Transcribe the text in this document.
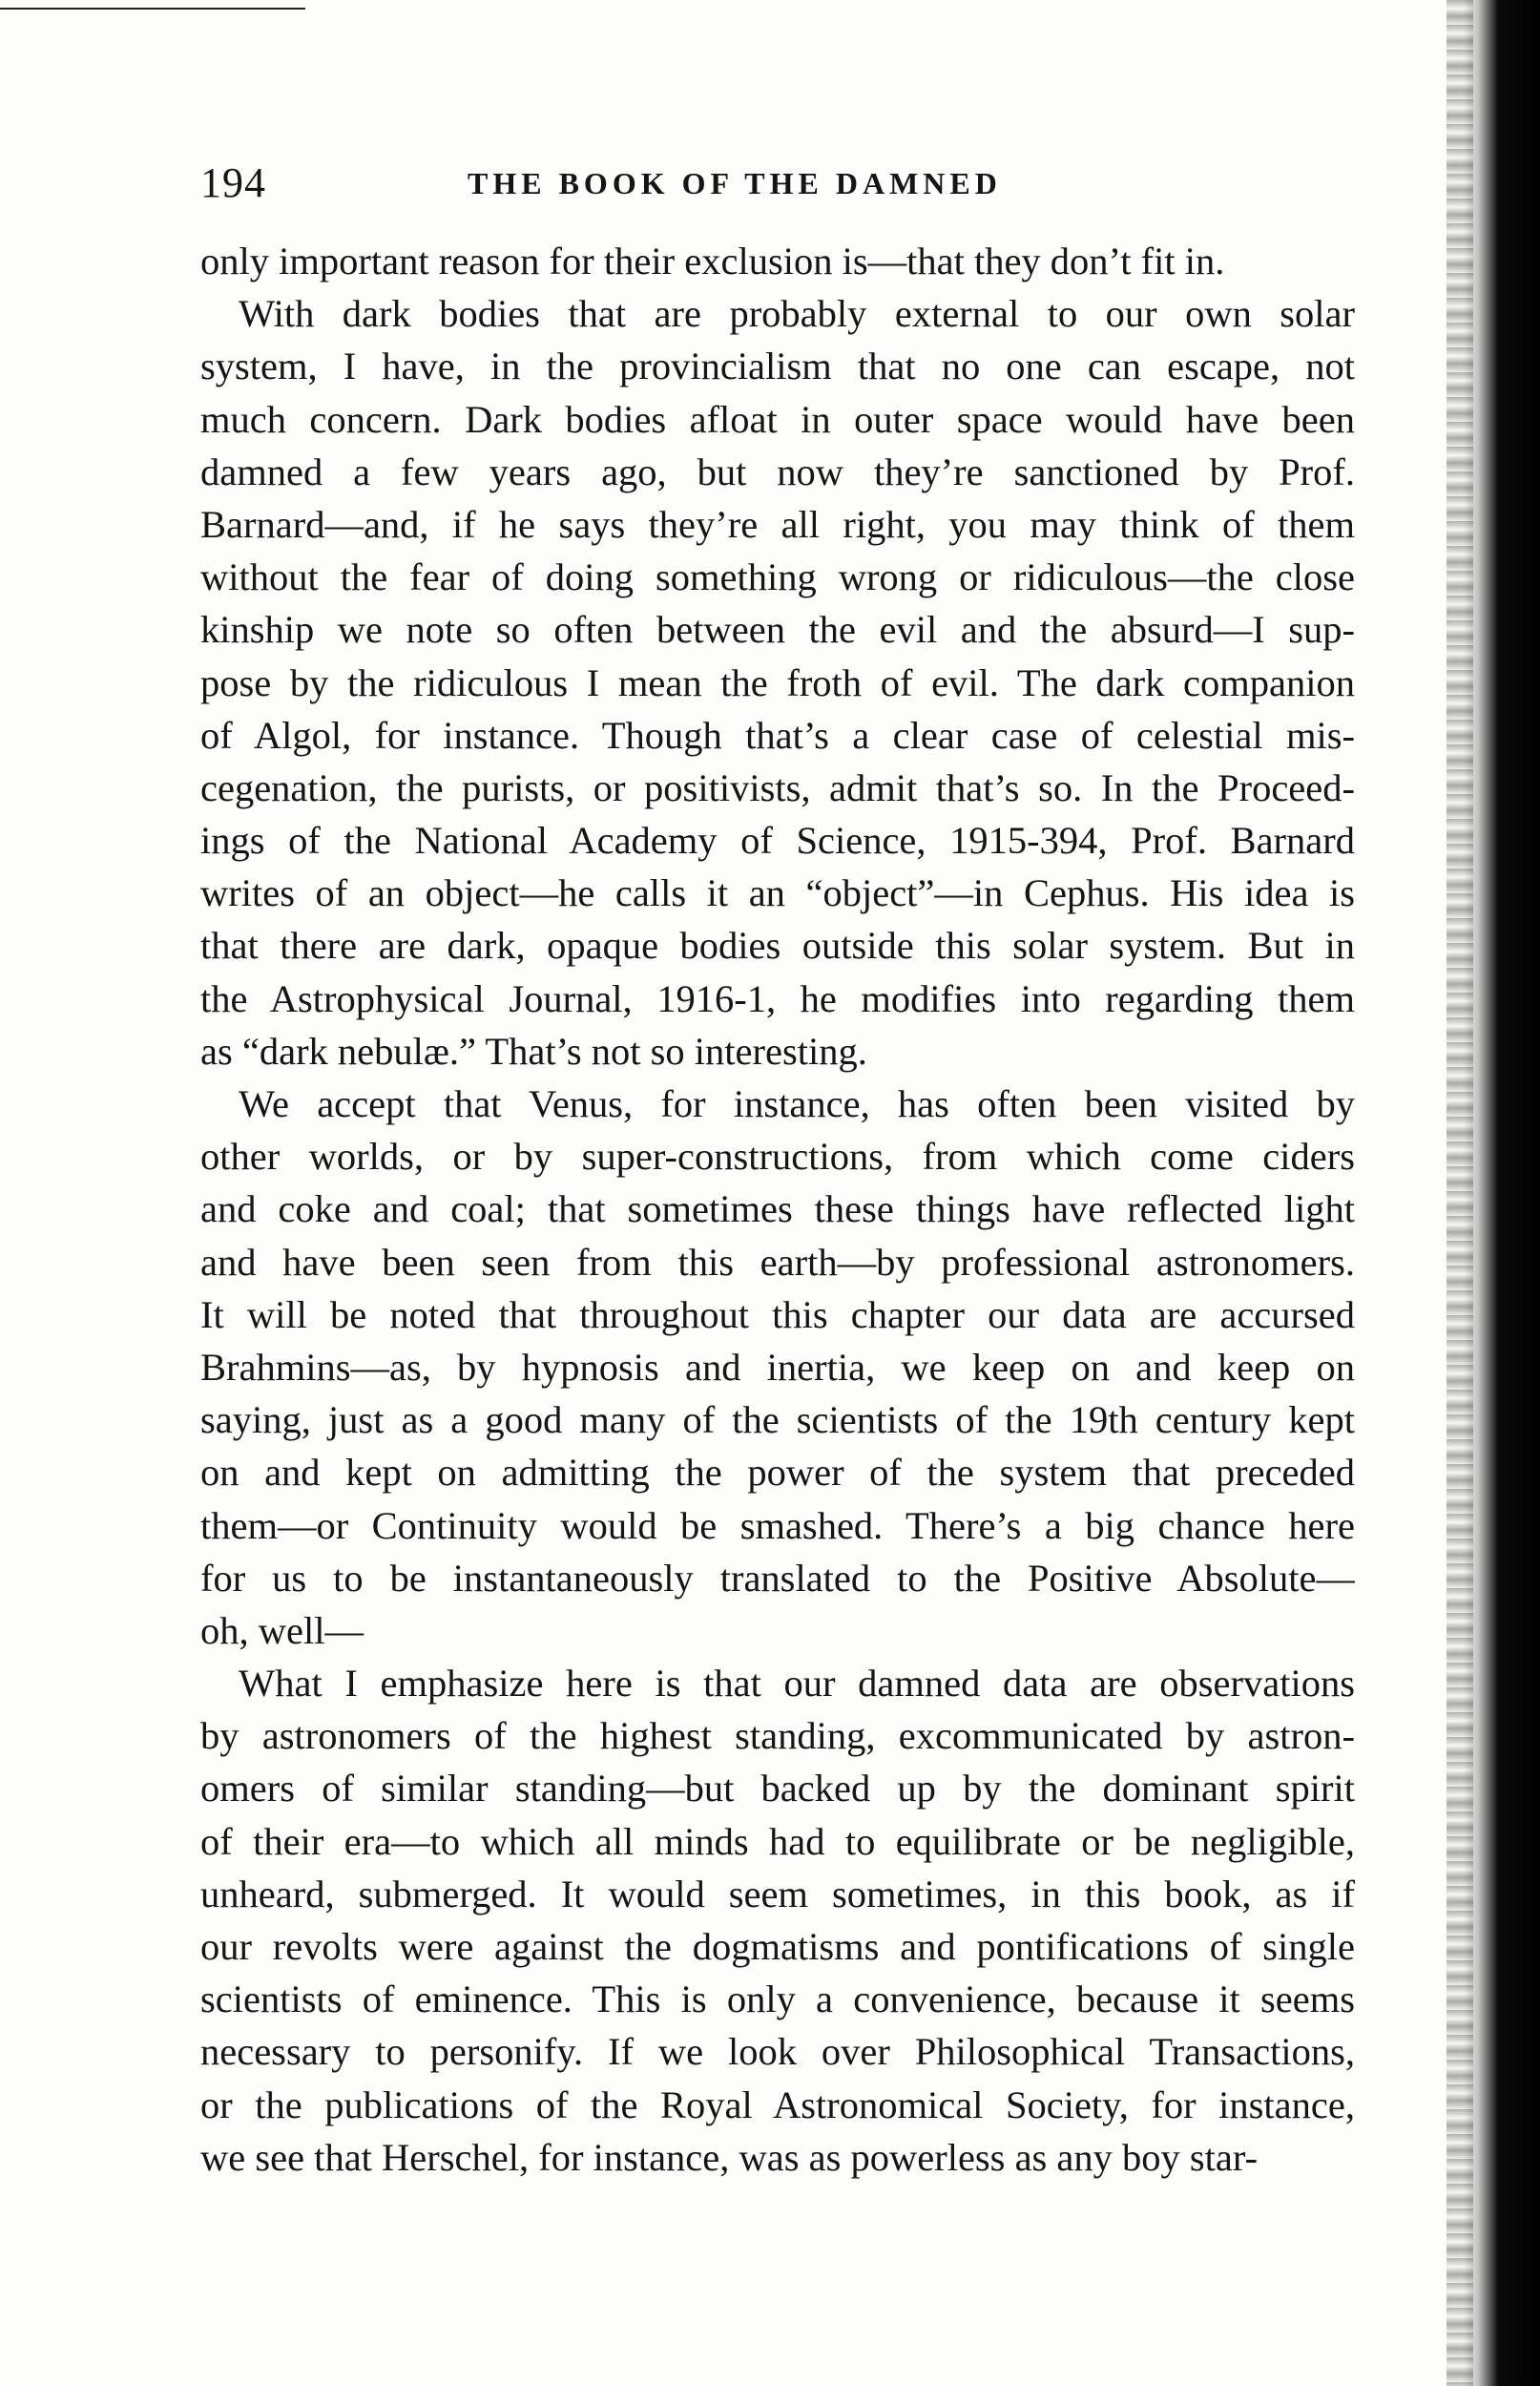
194	THE BOOK OF THE DAMNED
only important reason for their exclusion is—that they don’t fit in.
With dark bodies that are probably external to our own solar
system, I have, in the provincialism that no one can escape, not
much concern. Dark bodies afloat in outer space would have been
damned a few years ago, but now they’re sanctioned by Prof.
Barnard—and, if he says they’re all right, you may think of them
without the fear of doing something wrong or ridiculous—the close
kinship we note so often between the evil and the absurd—I sup-
pose by the ridiculous I mean the froth of evil. The dark companion
of Algol, for instance. Though that’s a clear case of celestial mis-
cegenation, the purists, or positivists, admit that’s so. In the Proceed-
ings of the National Academy of Science, 1915-394, Prof. Barnard
writes of an object—he calls it an “object”—in Cephus. His idea is
that there are dark, opaque bodies outside this solar system. But in
the Astrophysical Journal, 1916-1, he modifies into regarding them
as “dark nebulæ.” That’s not so interesting.
We accept that Venus, for instance, has often been visited by
other worlds, or by super-constructions, from which come ciders
and coke and coal; that sometimes these things have reflected light
and have been seen from this earth—by professional astronomers.
It will be noted that throughout this chapter our data are accursed
Brahmins—as, by hypnosis and inertia, we keep on and keep on
saying, just as a good many of the scientists of the 19th century kept
on and kept on admitting the power of the system that preceded
them—or Continuity would be smashed. There’s a big chance here
for us to be instantaneously translated to the Positive Absolute—
oh, well—
What I emphasize here is that our damned data are observations
by astronomers of the highest standing, excommunicated by astron-
omers of similar standing—but backed up by the dominant spirit
of their era—to which all minds had to equilibrate or be negligible,
unheard, submerged. It would seem sometimes, in this book, as if
our revolts were against the dogmatisms and pontifications of single
scientists of eminence. This is only a convenience, because it seems
necessary to personify. If we look over Philosophical Transactions,
or the publications of the Royal Astronomical Society, for instance,
we see that Herschel, for instance, was as powerless as any boy star-
